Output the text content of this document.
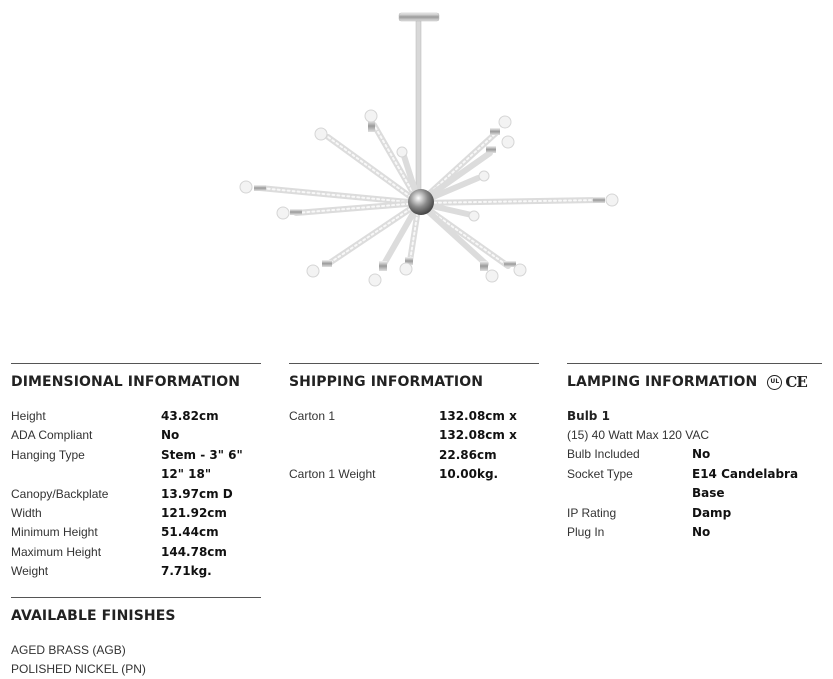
DIMENSIONAL INFORMATION
Height	43.82cm
ADA Compliant	No
Hanging Type	Stem - 3" 6" 12" 18"
Canopy/Backplate	13.97cm D
Width	121.92cm
Minimum Height	51.44cm
Maximum Height	144.78cm
Weight	7.71kg.
AVAILABLE FINISHES
AGED BRASS (AGB)
POLISHED NICKEL (PN)
SHIPPING INFORMATION
Carton 1	132.08cm x
132.08cm x
22.86cm
Carton 1 Weight	10.00kg.
LAMPING INFORMATION	UL CE
Bulb 1
(15) 40 Watt Max 120 VAC
Bulb Included	No
Socket Type	E14 Candelabra Base
IP Rating	Damp
Plug In	No
